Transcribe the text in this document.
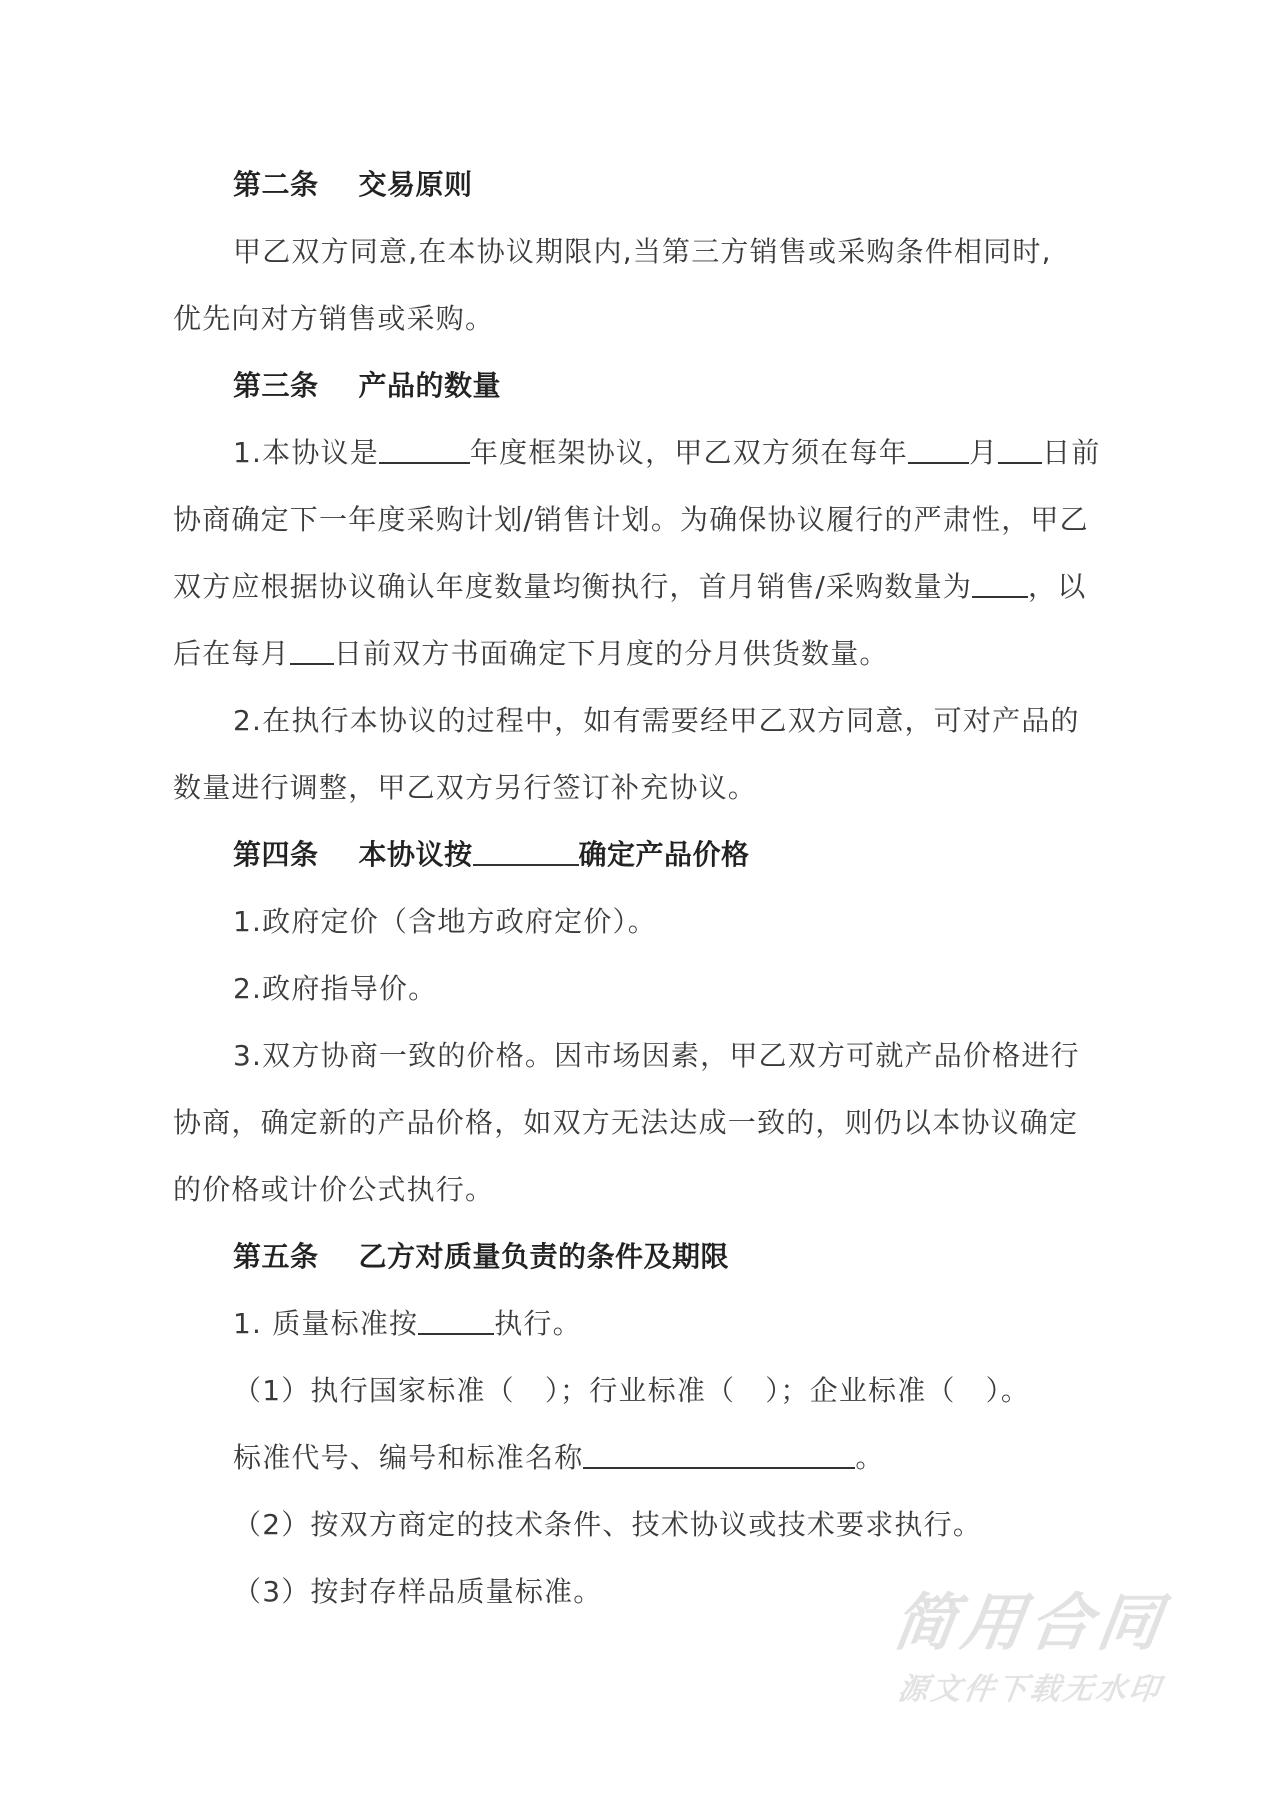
第二条 交易原则
甲乙双方同意,在本协议期限内,当第三方销售或采购条件相同时,
优先向对方销售或采购。
第三条 产品的数量
1.本协议是	年度框架协议，甲乙双方须在每年 月 日前
协商确定下一年度采购计划/销售计划。为确保协议履行的严肃性，甲乙
双方应根据协议确认年度数量均衡执行，首月销售/采购数量为 ，以
后在每月 日前双方书面确定下月度的分月供货数量。
2.在执行本协议的过程中，如有需要经甲乙双方同意，可对产品的
数量进行调整，甲乙双方另行签订补充协议。
第四条 本协议按	确定产品价格
1.政府定价（含地方政府定价）。
2.政府指导价。
3.双方协商一致的价格。因市场因素，甲乙双方可就产品价格进行
协商，确定新的产品价格，如双方无法达成一致的，则仍以本协议确定
的价格或计价公式执行。
第五条 乙方对质量负责的条件及期限
1. 质量标准按	执行。
（1）执行国家标准（ ）；行业标准（ ）；企业标准（ ）。
标准代号、编号和标准名称	。
（2）按双方商定的技术条件、技术协议或技术要求执行。
（3）按封存样品质量标准。	简用合同
源文件下载无水印
